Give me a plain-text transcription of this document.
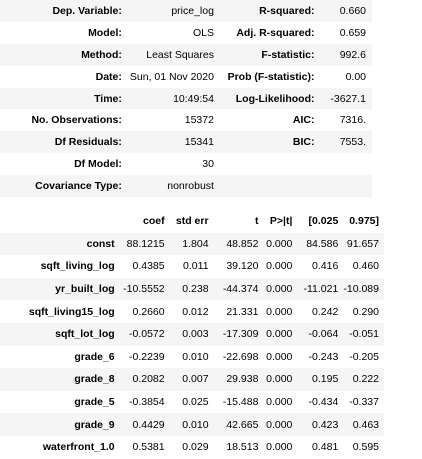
Dep. Variable:	price_log	R-squared:	0.660
Model:	OLS	Adj. R-squared:	0.659
Method:	Least Squares	F-statistic:	992.6
Date:	Sun, 01 Nov 2020	Prob (F-statistic):	0.00
Time:	10:49:54	Log-Likelihood:	-3627.1
No. Observations:	15372	AIC:	7316.
Df Residuals:	15341	BIC:	7553.
Df Model:	30		
Covariance Type:	nonrobust		
	coef	std err	t	P>|t|	[0.025	0.975]
const	88.1215	1.804	48.852	0.000	84.586	91.657
sqft_living_log	0.4385	0.011	39.120	0.000	0.416	0.460
yr_built_log	-10.5552	0.238	-44.374	0.000	-11.021	-10.089
sqft_living15_log	0.2660	0.012	21.331	0.000	0.242	0.290
sqft_lot_log	-0.0572	0.003	-17.309	0.000	-0.064	-0.051
grade_6	-0.2239	0.010	-22.698	0.000	-0.243	-0.205
grade_8	0.2082	0.007	29.938	0.000	0.195	0.222
grade_5	-0.3854	0.025	-15.488	0.000	-0.434	-0.337
grade_9	0.4429	0.010	42.665	0.000	0.423	0.463
waterfront_1.0	0.5381	0.029	18.513	0.000	0.481	0.595
